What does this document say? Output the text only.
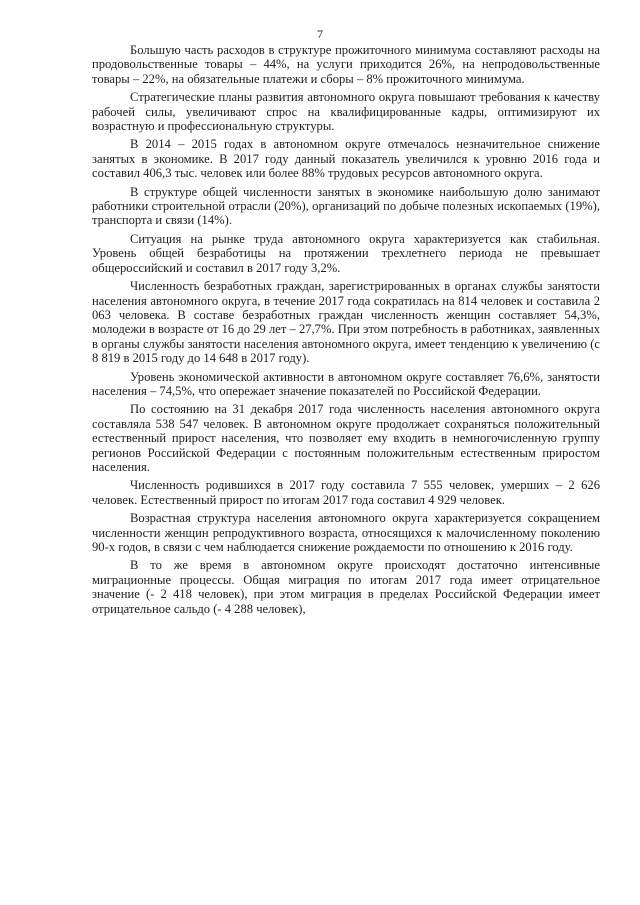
7

Большую часть расходов в структуре прожиточного минимума составляют расходы на продовольственные товары – 44%, на услуги приходится 26%, на непродовольственные товары – 22%, на обязательные платежи и сборы – 8% прожиточного минимума.

Стратегические планы развития автономного округа повышают требования к качеству рабочей силы, увеличивают спрос на квалифицированные кадры, оптимизируют их возрастную и профессиональную структуры.

В 2014 – 2015 годах в автономном округе отмечалось незначительное снижение занятых в экономике. В 2017 году данный показатель увеличился к уровню 2016 года и составил 406,3 тыс. человек или более 88% трудовых ресурсов автономного округа.

В структуре общей численности занятых в экономике наибольшую долю занимают работники строительной отрасли (20%), организаций по добыче полезных ископаемых (19%), транспорта и связи (14%).

Ситуация на рынке труда автономного округа характеризуется как стабильная. Уровень общей безработицы на протяжении трехлетнего периода не превышает общероссийский и составил в 2017 году 3,2%.

Численность безработных граждан, зарегистрированных в органах службы занятости населения автономного округа, в течение 2017 года сократилась на 814 человек и составила 2 063 человека. В составе безработных граждан численность женщин составляет 54,3%, молодежи в возрасте от 16 до 29 лет – 27,7%. При этом потребность в работниках, заявленных в органы службы занятости населения автономного округа, имеет тенденцию к увеличению (с 8 819 в 2015 году до 14 648 в 2017 году).

Уровень экономической активности в автономном округе составляет 76,6%, занятости населения – 74,5%, что опережает значение показателей по Российской Федерации.

По состоянию на 31 декабря 2017 года численность населения автономного округа составляла 538 547 человек. В автономном округе продолжает сохраняться положительный естественный прирост населения, что позволяет ему входить в немногочисленную группу регионов Российской Федерации с постоянным положительным естественным приростом населения.

Численность родившихся в 2017 году составила 7 555 человек, умерших – 2 626 человек. Естественный прирост по итогам 2017 года составил 4 929 человек.

Возрастная структура населения автономного округа характеризуется сокращением численности женщин репродуктивного возраста, относящихся к малочисленному поколению 90-х годов, в связи с чем наблюдается снижение рождаемости по отношению к 2016 году.

В то же время в автономном округе происходят достаточно интенсивные миграционные процессы. Общая миграция по итогам 2017 года имеет отрицательное значение (- 2 418 человек), при этом миграция в пределах Российской Федерации имеет отрицательное сальдо (- 4 288 человек),
